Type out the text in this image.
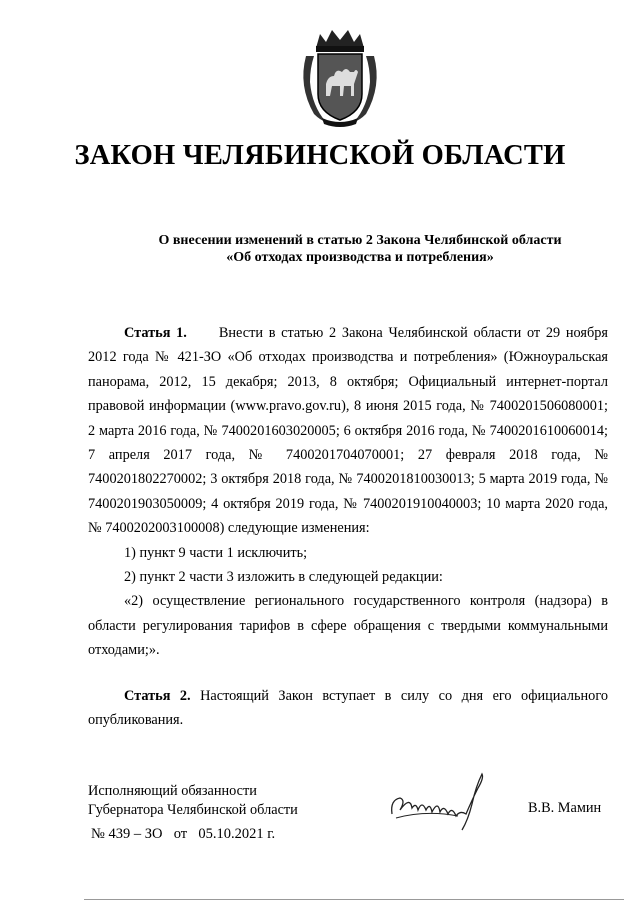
ЗАКОН ЧЕЛЯБИНСКОЙ ОБЛАСТИ
О внесении изменений в статью 2 Закона Челябинской области
«Об отходах производства и потребления»

Статья 1. Внести в статью 2 Закона Челябинской области от 29 ноября 2012 года № 421-ЗО «Об отходах производства и потребления» (Южноуральская панорама, 2012, 15 декабря; 2013, 8 октября; Официальный интернет-портал правовой информации (www.pravo.gov.ru), 8 июня 2015 года, № 7400201506080001; 2 марта 2016 года, № 7400201603020005; 6 октября 2016 года, № 7400201610060014; 7 апреля 2017 года, № 7400201704070001; 27 февраля 2018 года, № 7400201802270002; 3 октября 2018 года, № 7400201810030013; 5 марта 2019 года, № 7400201903050009; 4 октября 2019 года, № 7400201910040003; 10 марта 2020 года, № 7400202003100008) следующие изменения:

1) пункт 9 части 1 исключить;

2) пункт 2 части 3 изложить в следующей редакции:

«2) осуществление регионального государственного контроля (надзора) в области регулирования тарифов в сфере обращения с твердыми коммунальными отходами;».

Статья 2. Настоящий Закон вступает в силу со дня его официального опубликования.

Исполняющий обязанности
Губернатора Челябинской области	В.В. Мамин
№ 439 – ЗО от 05.10.2021 г.
